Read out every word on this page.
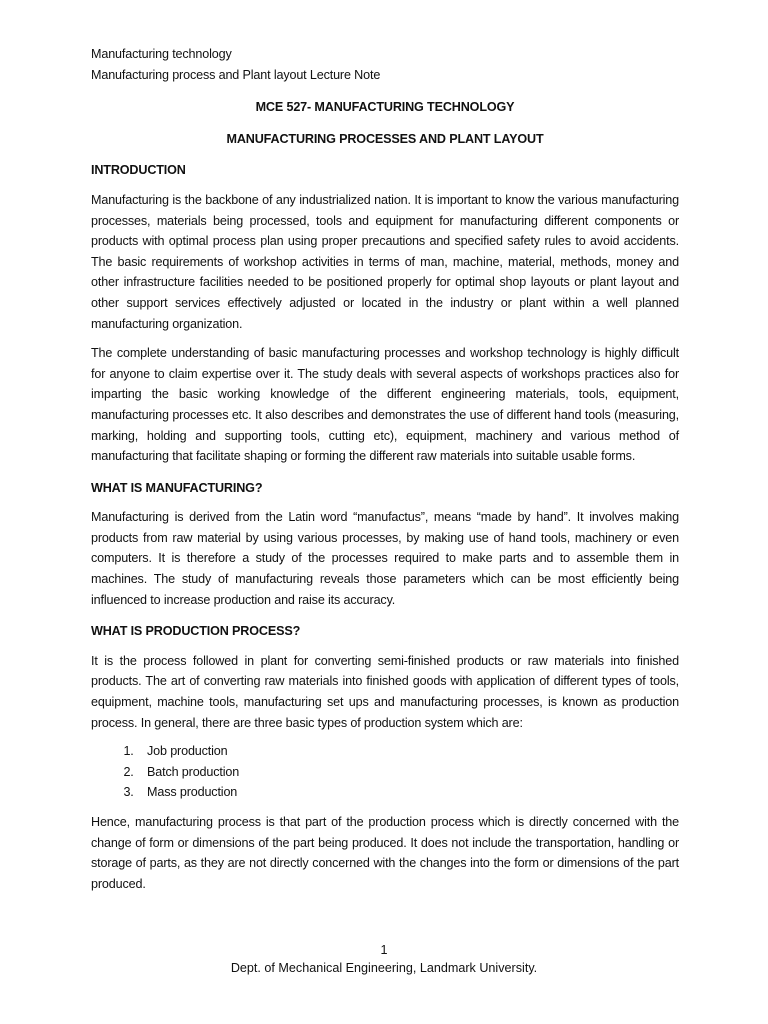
Manufacturing technology

Manufacturing process and Plant layout Lecture Note

MCE 527- MANUFACTURING TECHNOLOGY

MANUFACTURING PROCESSES AND PLANT LAYOUT

INTRODUCTION

Manufacturing is the backbone of any industrialized nation. It is important to know the various manufacturing processes, materials being processed, tools and equipment for manufacturing different components or products with optimal process plan using proper precautions and specified safety rules to avoid accidents. The basic requirements of workshop activities in terms of man, machine, material, methods, money and other infrastructure facilities needed to be positioned properly for optimal shop layouts or plant layout and other support services effectively adjusted or located in the industry or plant within a well planned manufacturing organization.

The complete understanding of basic manufacturing processes and workshop technology is highly difficult for anyone to claim expertise over it. The study deals with several aspects of workshops practices also for imparting the basic working knowledge of the different engineering materials, tools, equipment, manufacturing processes etc. It also describes and demonstrates the use of different hand tools (measuring, marking, holding and supporting tools, cutting etc), equipment, machinery and various method of manufacturing that facilitate shaping or forming the different raw materials into suitable usable forms.

WHAT IS MANUFACTURING?

Manufacturing is derived from the Latin word “manufactus”, means “made by hand”. It involves making products from raw material by using various processes, by making use of hand tools, machinery or even computers. It is therefore a study of the processes required to make parts and to assemble them in machines. The study of manufacturing reveals those parameters which can be most efficiently being influenced to increase production and raise its accuracy.

WHAT IS PRODUCTION PROCESS?

It is the process followed in plant for converting semi-finished products or raw materials into finished products. The art of converting raw materials into finished goods with application of different types of tools, equipment, machine tools, manufacturing set ups and manufacturing processes, is known as production process. In general, there are three basic types of production system which are:

1. Job production
2. Batch production
3. Mass production

Hence, manufacturing process is that part of the production process which is directly concerned with the change of form or dimensions of the part being produced. It does not include the transportation, handling or storage of parts, as they are not directly concerned with the changes into the form or dimensions of the part produced.

1
Dept. of Mechanical Engineering, Landmark University.
